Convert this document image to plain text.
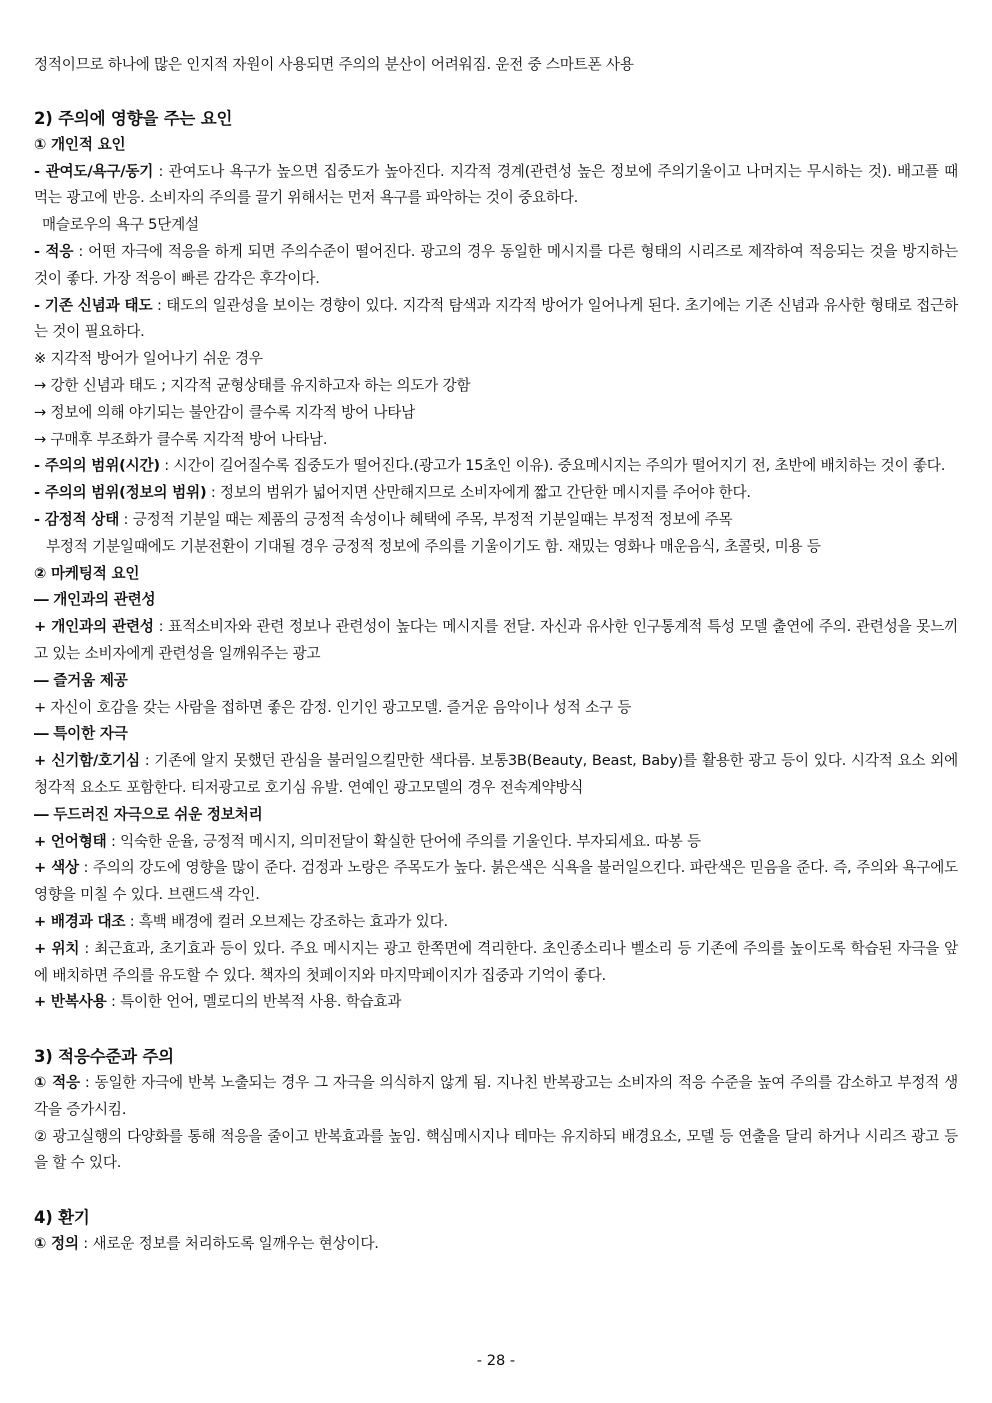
정적이므로 하나에 많은 인지적 자원이 사용되면 주의의 분산이 어려워짐. 운전 중 스마트폰 사용

2) 주의에 영향을 주는 요인

① 개인적 요인

- 관여도/욕구/동기 : 관여도나 욕구가 높으면 집중도가 높아진다. 지각적 경계(관련성 높은 정보에 주의기울이고 나머지는 무시하는 것). 배고플 때 먹는 광고에 반응. 소비자의 주의를 끌기 위해서는 먼저 욕구를 파악하는 것이 중요하다.

매슬로우의 욕구 5단계설

- 적응 : 어떤 자극에 적응을 하게 되면 주의수준이 떨어진다. 광고의 경우 동일한 메시지를 다른 형태의 시리즈로 제작하여 적응되는 것을 방지하는 것이 좋다. 가장 적응이 빠른 감각은 후각이다.

- 기존 신념과 태도 : 태도의 일관성을 보이는 경향이 있다. 지각적 탐색과 지각적 방어가 일어나게 된다. 초기에는 기존 신념과 유사한 형태로 접근하는 것이 필요하다.

※ 지각적 방어가 일어나기 쉬운 경우

→ 강한 신념과 태도 ; 지각적 균형상태를 유지하고자 하는 의도가 강함

→ 정보에 의해 야기되는 불안감이 클수록 지각적 방어 나타남

→ 구매후 부조화가 클수록 지각적 방어 나타남.

- 주의의 범위(시간) : 시간이 길어질수록 집중도가 떨어진다.(광고가 15초인 이유). 중요메시지는 주의가 떨어지기 전, 초반에 배치하는 것이 좋다.

- 주의의 범위(정보의 범위) : 정보의 범위가 넓어지면 산만해지므로 소비자에게 짧고 간단한 메시지를 주어야 한다.

- 감정적 상태 : 긍정적 기분일 때는 제품의 긍정적 속성이나 혜택에 주목, 부정적 기분일때는 부정적 정보에 주목

부정적 기분일때에도 기분전환이 기대될 경우 긍정적 정보에 주의를 기울이기도 함. 재밌는 영화나 매운음식, 초콜릿, 미용 등

② 마케팅적 요인

― 개인과의 관련성

+ 개인과의 관련성 : 표적소비자와 관련 정보나 관련성이 높다는 메시지를 전달. 자신과 유사한 인구통계적 특성 모델 출연에 주의. 관련성을 못느끼고 있는 소비자에게 관련성을 일깨워주는 광고

― 즐거움 제공

+ 자신이 호감을 갖는 사람을 접하면 좋은 감정. 인기인 광고모델. 즐거운 음악이나 성적 소구 등

― 특이한 자극

+ 신기함/호기심 : 기존에 알지 못했던 관심을 불러일으킬만한 색다름. 보통3B(Beauty, Beast, Baby)를 활용한 광고 등이 있다. 시각적 요소 외에 청각적 요소도 포함한다. 티저광고로 호기심 유발. 연예인 광고모델의 경우 전속계약방식

― 두드러진 자극으로 쉬운 정보처리

+ 언어형태 : 익숙한 운율, 긍정적 메시지, 의미전달이 확실한 단어에 주의를 기울인다. 부자되세요. 따봉 등

+ 색상 : 주의의 강도에 영향을 많이 준다. 검정과 노랑은 주목도가 높다. 붉은색은 식욕을 불러일으킨다. 파란색은 믿음을 준다. 즉, 주의와 욕구에도 영향을 미칠 수 있다. 브랜드색 각인.

+ 배경과 대조 : 흑백 배경에 컬러 오브제는 강조하는 효과가 있다.

+ 위치 : 최근효과, 초기효과 등이 있다. 주요 메시지는 광고 한쪽면에 격리한다. 초인종소리나 벨소리 등 기존에 주의를 높이도록 학습된 자극을 앞에 배치하면 주의를 유도할 수 있다. 책자의 첫페이지와 마지막페이지가 집중과 기억이 좋다.

+ 반복사용 : 특이한 언어, 멜로디의 반복적 사용. 학습효과

3) 적응수준과 주의

① 적응 : 동일한 자극에 반복 노출되는 경우 그 자극을 의식하지 않게 됨. 지나친 반복광고는 소비자의 적응 수준을 높여 주의를 감소하고 부정적 생각을 증가시킴.

② 광고실행의 다양화를 통해 적응을 줄이고 반복효과를 높임. 핵심메시지나 테마는 유지하되 배경요소, 모델 등 연출을 달리 하거나 시리즈 광고 등을 할 수 있다.

4) 환기

① 정의 : 새로운 정보를 처리하도록 일깨우는 현상이다.

- 28 -
